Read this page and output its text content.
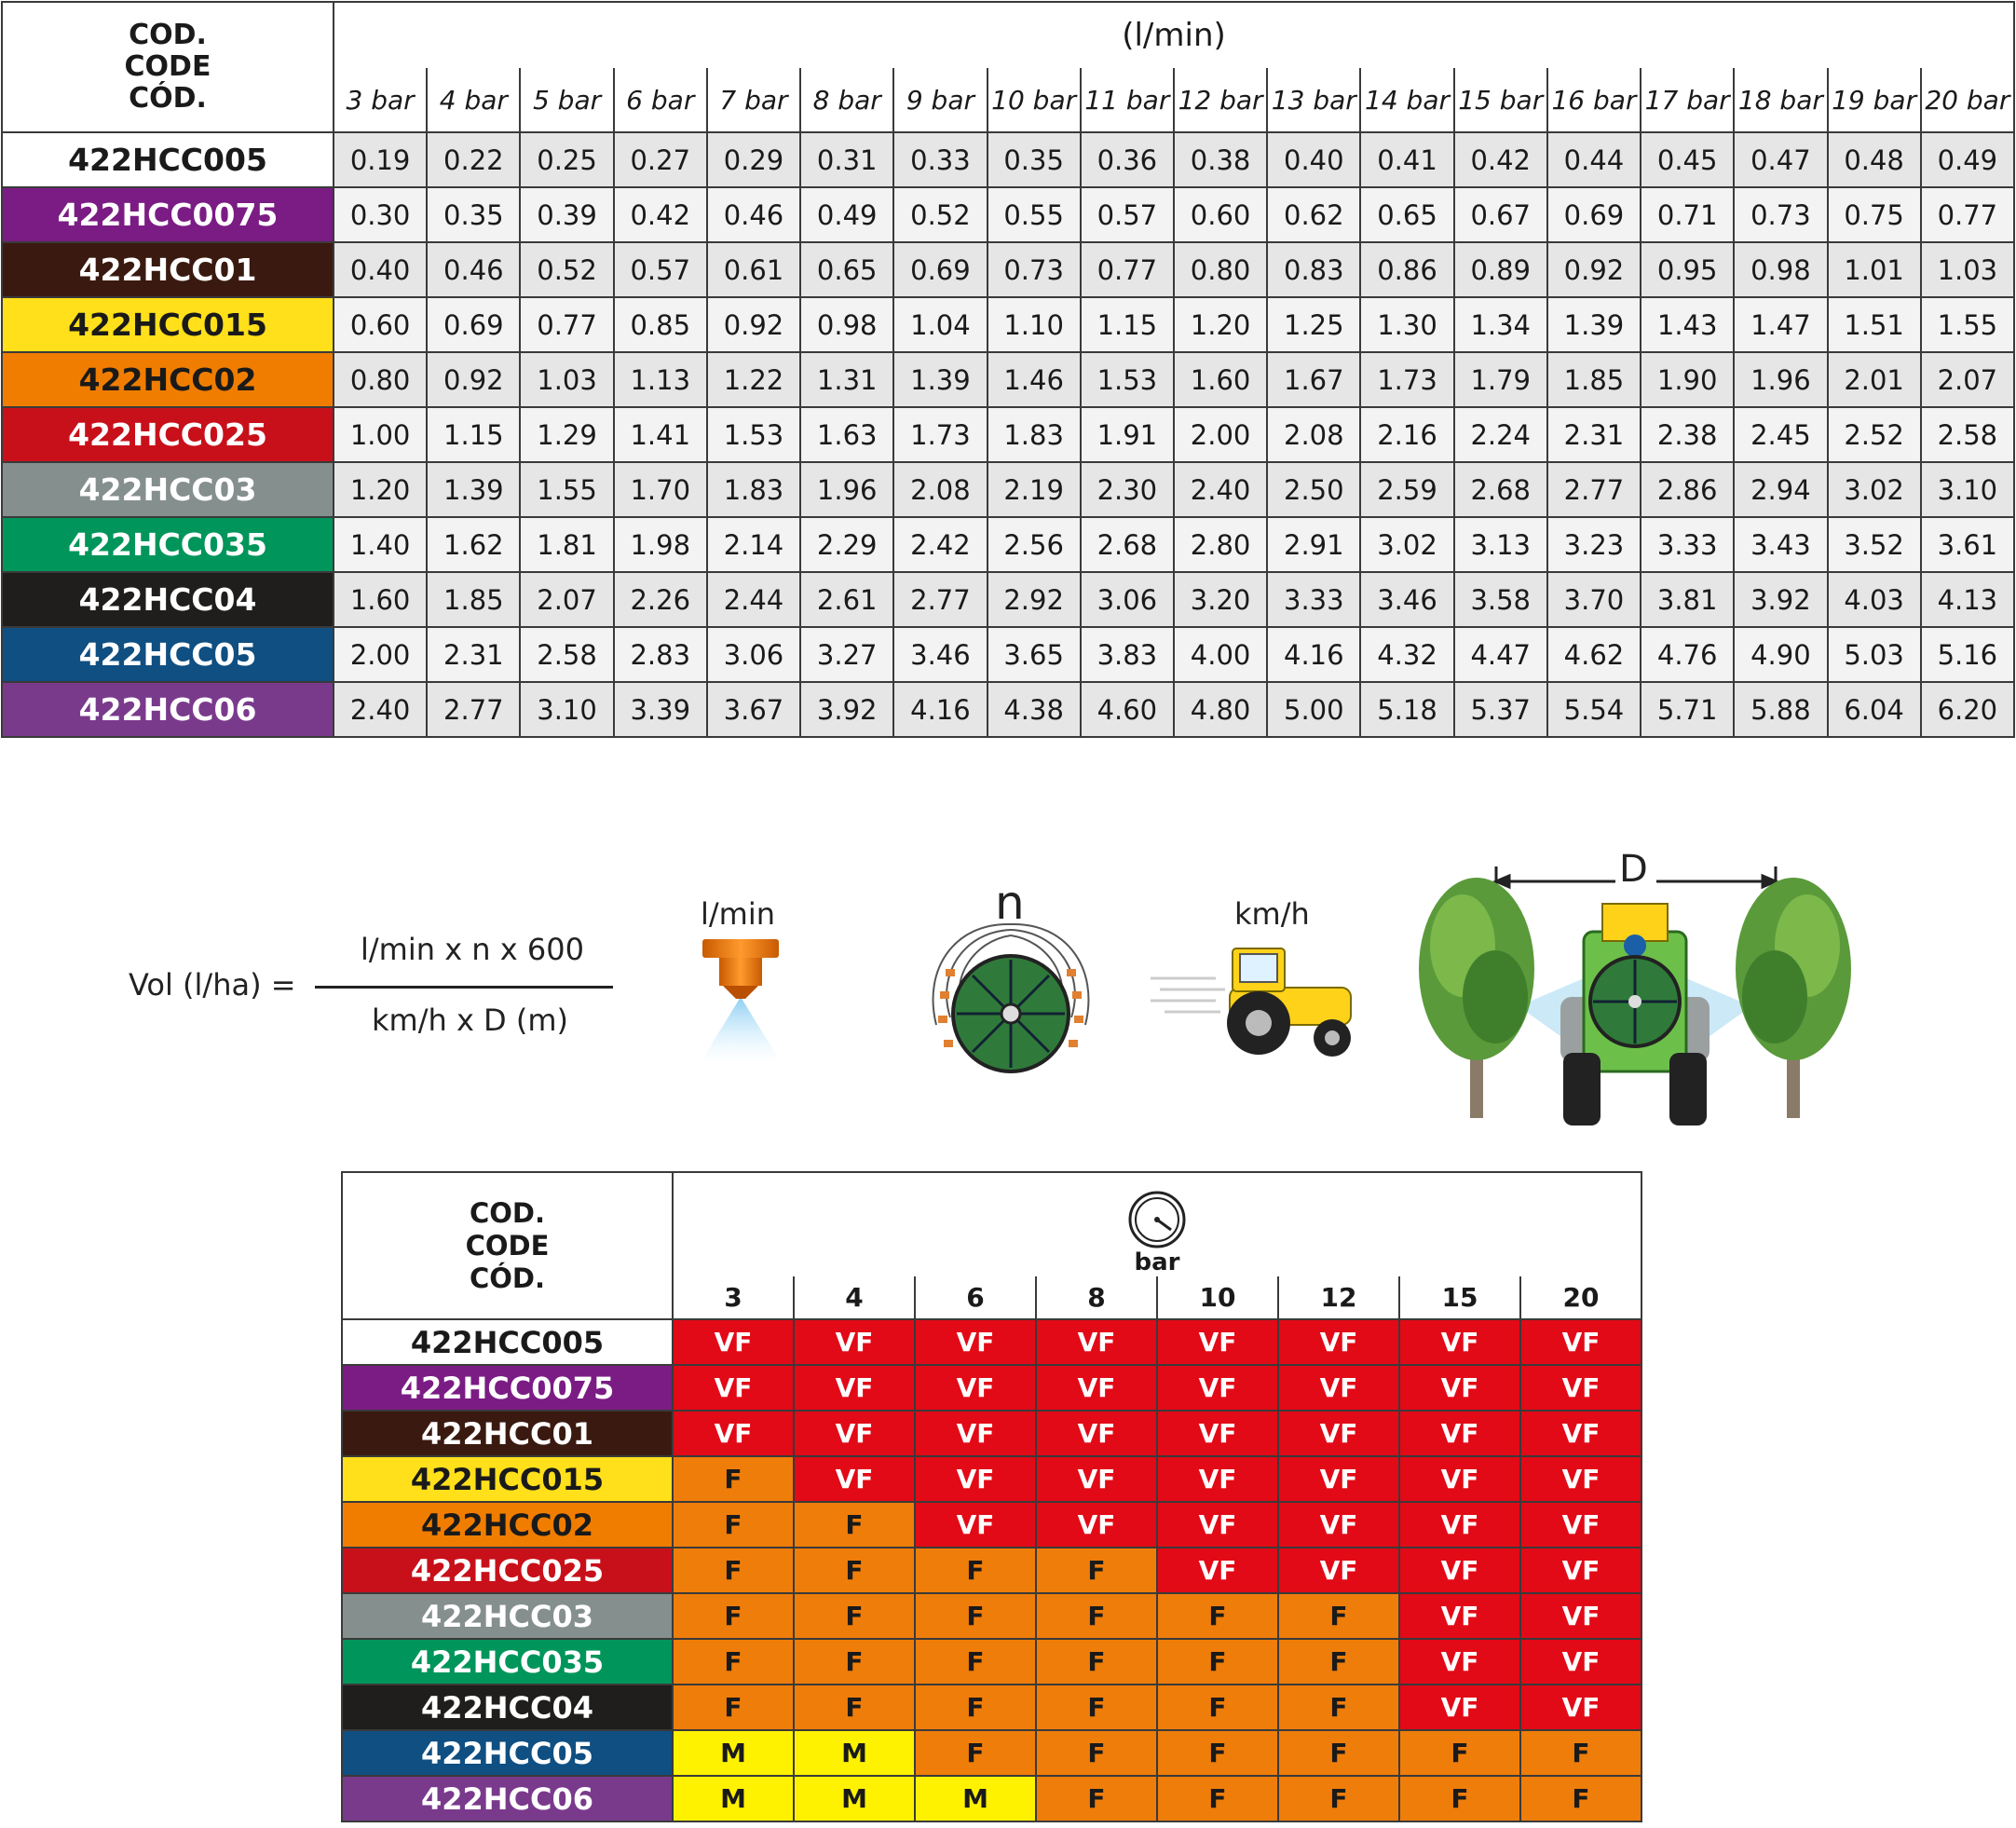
COD.
CODE
CÓD.	(l/min)																	
	3 bar	4 bar	5 bar	6 bar	7 bar	8 bar	9 bar	10 bar	11 bar	12 bar	13 bar	14 bar	15 bar	16 bar	17 bar	18 bar	19 bar	20 bar
422HCC005	0.19	0.22	0.25	0.27	0.29	0.31	0.33	0.35	0.36	0.38	0.40	0.41	0.42	0.44	0.45	0.47	0.48	0.49
422HCC0075	0.30	0.35	0.39	0.42	0.46	0.49	0.52	0.55	0.57	0.60	0.62	0.65	0.67	0.69	0.71	0.73	0.75	0.77
422HCC01	0.40	0.46	0.52	0.57	0.61	0.65	0.69	0.73	0.77	0.80	0.83	0.86	0.89	0.92	0.95	0.98	1.01	1.03
422HCC015	0.60	0.69	0.77	0.85	0.92	0.98	1.04	1.10	1.15	1.20	1.25	1.30	1.34	1.39	1.43	1.47	1.51	1.55
422HCC02	0.80	0.92	1.03	1.13	1.22	1.31	1.39	1.46	1.53	1.60	1.67	1.73	1.79	1.85	1.90	1.96	2.01	2.07
422HCC025	1.00	1.15	1.29	1.41	1.53	1.63	1.73	1.83	1.91	2.00	2.08	2.16	2.24	2.31	2.38	2.45	2.52	2.58
422HCC03	1.20	1.39	1.55	1.70	1.83	1.96	2.08	2.19	2.30	2.40	2.50	2.59	2.68	2.77	2.86	2.94	3.02	3.10
422HCC035	1.40	1.62	1.81	1.98	2.14	2.29	2.42	2.56	2.68	2.80	2.91	3.02	3.13	3.23	3.33	3.43	3.52	3.61
422HCC04	1.60	1.85	2.07	2.26	2.44	2.61	2.77	2.92	3.06	3.20	3.33	3.46	3.58	3.70	3.81	3.92	4.03	4.13
422HCC05	2.00	2.31	2.58	2.83	3.06	3.27	3.46	3.65	3.83	4.00	4.16	4.32	4.47	4.62	4.76	4.90	5.03	5.16
422HCC06	2.40	2.77	3.10	3.39	3.67	3.92	4.16	4.38	4.60	4.80	5.00	5.18	5.37	5.54	5.71	5.88	6.04	6.20
Vol (l/ha) =
l/min x n x 600
km/h x D (m)
l/min	n	km/h
D
COD.
CODE
CÓD.	bar							

	3	4	6	8	10	12	15	20
422HCC005	VF	VF	VF	VF	VF	VF	VF	VF
422HCC0075	VF	VF	VF	VF	VF	VF	VF	VF
422HCC01	VF	VF	VF	VF	VF	VF	VF	VF
422HCC015	F	VF	VF	VF	VF	VF	VF	VF
422HCC02	F	F	VF	VF	VF	VF	VF	VF
422HCC025	F	F	F	F	VF	VF	VF	VF
422HCC03	F	F	F	F	F	F	VF	VF
422HCC035	F	F	F	F	F	F	VF	VF
422HCC04	F	F	F	F	F	F	VF	VF
422HCC05	M	M	F	F	F	F	F	F
422HCC06	M	M	M	F	F	F	F	F
